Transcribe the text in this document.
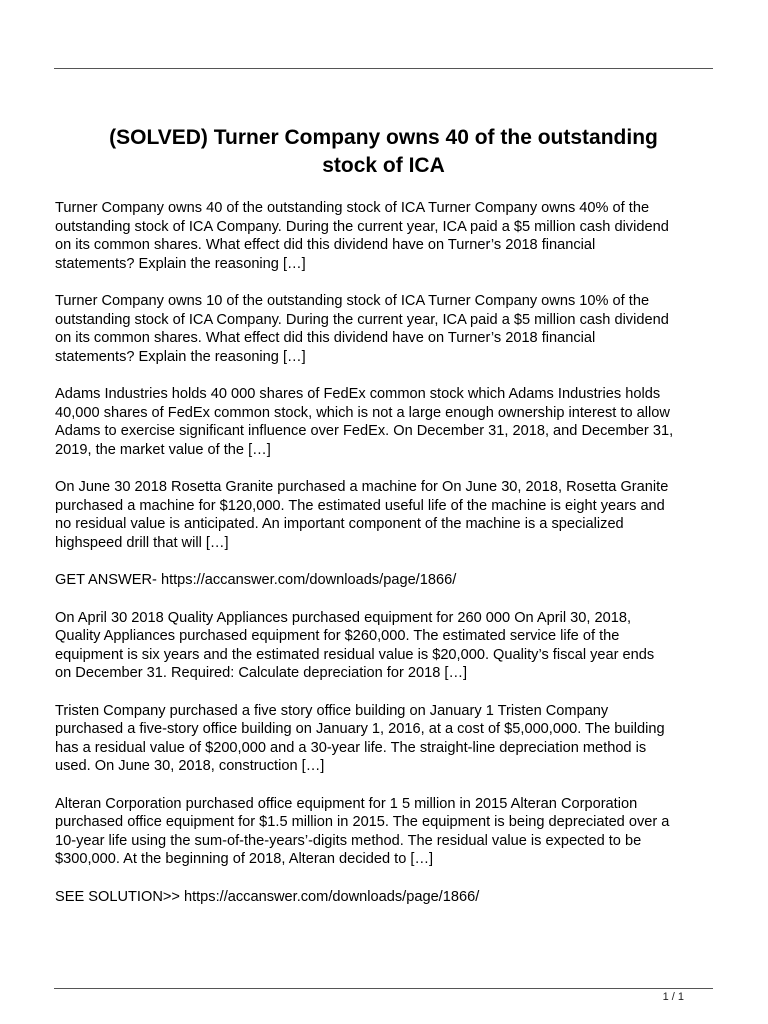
(SOLVED) Turner Company owns 40 of the outstanding
stock of ICA

Turner Company owns 40 of the outstanding stock of ICA Turner Company owns 40% of the
outstanding stock of ICA Company. During the current year, ICA paid a $5 million cash dividend
on its common shares. What effect did this dividend have on Turner’s 2018 financial
statements? Explain the reasoning […]

Turner Company owns 10 of the outstanding stock of ICA Turner Company owns 10% of the
outstanding stock of ICA Company. During the current year, ICA paid a $5 million cash dividend
on its common shares. What effect did this dividend have on Turner’s 2018 financial
statements? Explain the reasoning […]

Adams Industries holds 40 000 shares of FedEx common stock which Adams Industries holds
40,000 shares of FedEx common stock, which is not a large enough ownership interest to allow
Adams to exercise significant influence over FedEx. On December 31, 2018, and December 31,
2019, the market value of the […]

On June 30 2018 Rosetta Granite purchased a machine for On June 30, 2018, Rosetta Granite
purchased a machine for $120,000. The estimated useful life of the machine is eight years and
no residual value is anticipated. An important component of the machine is a specialized
highspeed drill that will […]

GET ANSWER- https://accanswer.com/downloads/page/1866/

On April 30 2018 Quality Appliances purchased equipment for 260 000 On April 30, 2018,
Quality Appliances purchased equipment for $260,000. The estimated service life of the
equipment is six years and the estimated residual value is $20,000. Quality’s fiscal year ends
on December 31. Required: Calculate depreciation for 2018 […]

Tristen Company purchased a five story office building on January 1 Tristen Company
purchased a five-story office building on January 1, 2016, at a cost of $5,000,000. The building
has a residual value of $200,000 and a 30-year life. The straight-line depreciation method is
used. On June 30, 2018, construction […]

Alteran Corporation purchased office equipment for 1 5 million in 2015 Alteran Corporation
purchased office equipment for $1.5 million in 2015. The equipment is being depreciated over a
10-year life using the sum-of-the-years’-digits method. The residual value is expected to be
$300,000. At the beginning of 2018, Alteran decided to […]

SEE SOLUTION>> https://accanswer.com/downloads/page/1866/

1 / 1
